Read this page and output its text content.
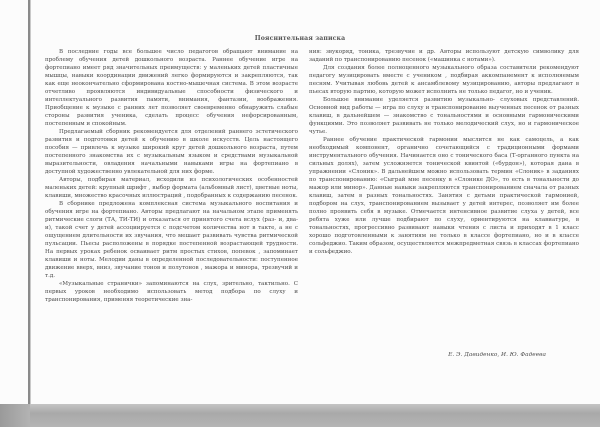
Пояснительная записка

В последние годы все большее число педагогов обращают внимание на проблему обучения детей дошкольного возраста. Раннее обучение игре на фортепиано имеет ряд значительных преимуществ: у маленьких детей пластичные мышцы, навыки координации движений легко формируются и закрепляются, так как еще неокончательно сформирована костно-мышечная система. В этом возрасте отчетливо проявляются индивидуальные способности физического и интеллектуального развития памяти, внимания, фантазии, воображения. Приобщение к музыке с ранних лет позволяет своевременно обнаружить слабые стороны развития ученика, сделать процесс обучения нефорсированным, постепенным и спокойным.

Предлагаемый сборник рекомендуется для отделений раннего эстетического развития и подготовки детей к обучению в школе искусств. Цель настоящего пособия — привлечь к музыке широкий круг детей дошкольного возраста, путем постепенного знакомства их с музыкальным языком и средствами музыкальной выразительности, овладения начальными навыками игры на фортепиано в доступной художественно увлекательной для них форме.

Авторы, подбирая материал, исходили из психологических особенностей маленьких детей: крупный шрифт , выбор формата (альбомный лист), цветные ноты, клавиши, множество красочных иллюстраций , подобранных к содержанию песенок.

В сборнике предложена комплексная система музыкального воспитания и обучения игре на фортепиано. Авторы предлагают на начальном этапе применять ритмические слоги (ТА, ТИ-ТИ) и отказаться от принятого счета вслух (раз- и, два- и), такой счет у детей ассоциируется с подсчетом количества нот в такте, а не с ощущением длительности их звучания, что мешает развивать чувства ритмической пульсации. Пьесы расположены в порядке постепенной возрастающей трудности. На первых уроках ребенок осваивает ритм простых стихов, попевок , запоминает клавиши и ноты. Мелодии даны в определенной последовательности: поступенное движение вверх, вниз, звучание тонов и полутонов , мажора и минора, трезвучий и т.д.

«Музыкальные странички» запоминаются на слух, зрительно, тактильно. С первых уроков необходимо использовать метод подбора по слуху и транспонирования, применяя теоретические зна-

ния: звукоряд, тоника, трезвучие и др. Авторы используют детскую символику для заданий по транспонированию песенок («машинка с нотами»).

Для создания более полноценного музыкального образа составители рекомендуют педагогу музицировать вместе с учеником , подбирая аккомпанемент к исполняемым песням. Учитывая любовь детей к ансамблевому музицированию, авторы предлагают в пьесах вторую партию, которую может исполнить не только педагог, но и ученик.

Большое внимание уделяется развитию музыкально- слуховых представлений. Основной вид работы — игра по слуху и транспонирование выученных песенок от разных клавиш, в дальнейшем — знакомство с тональностями и основными гармоническими функциями. Это позволяет развивать не только мелодический слух, но и гармоническое чутье.

Раннее обучение практической гармонии мыслится не как самоцель, а как необходимый компонент, органично сочетающийся с традиционными формами инструментального обучения. Начинается оно с тонического баса (Т-органного пункта на сильных долях), затем усложняется тонической квинтой («бурдон»), которая дана в упражнении «Слоник». В дальнейшем можно использовать термин «Слоник» в заданиях по транспонированию: «Сыграй мне песенку в «Слонике ДО», то есть в тональности до мажор или минор». Данные навыки закрепляются транспонированием сначала от разных клавиш, затем в разных тональностях. Занятия с детьми практической гармонией, подбором на слух, транспонированием вызывает у детей интерес, позволяет им более полно проявить себя в музыке. Отмечается интенсивное развитие слуха у детей, все ребята хуже или лучше подбирают по слуху, ориентируются на клавиатуре, в тональностях, прогрессивно развивают навыки чтения с листа и приходят в 1 класс хорошо подготовленными к занятиям не только в классе фортепиано, но и в классе сольфеджио. Таким образом, осуществляется межпредметная связь в классах фортепиано и сольфеджио.

Е. Э. Давиденко, И. Ю. Фадеева
